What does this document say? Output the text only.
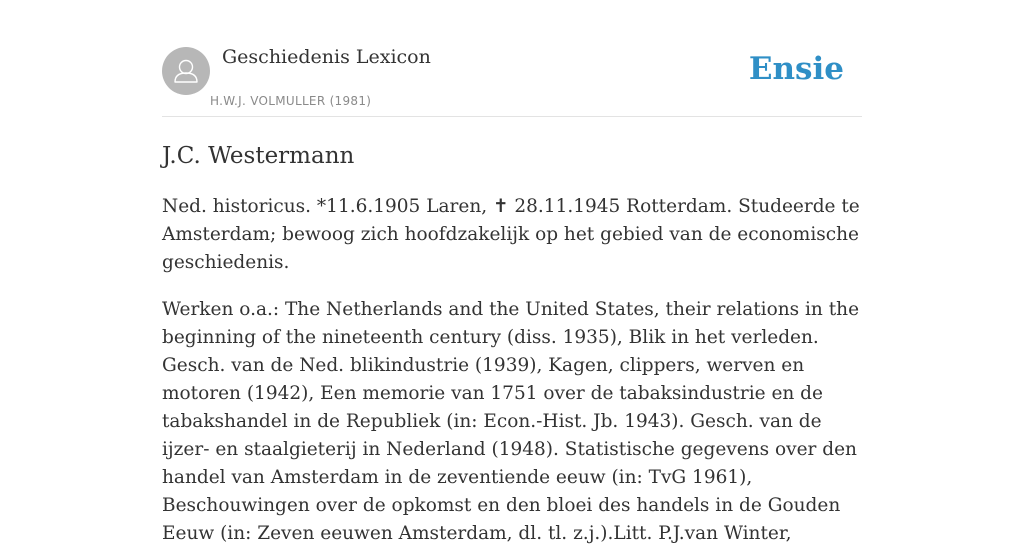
Geschiedenis Lexicon
H.W.J. VOLMULLER (1981)
Ensie
J.C. Westermann

Ned. historicus. *11.6.1905 Laren, ✝ 28.11.1945 Rotterdam. Studeerde te Amsterdam; bewoog zich hoofdzakelijk op het gebied van de economische geschiedenis.

Werken o.a.: The Netherlands and the United States, their relations in the beginning of the nineteenth century (diss. 1935), Blik in het verleden. Gesch. van de Ned. blikindustrie (1939), Kagen, clippers, werven en motoren (1942), Een memorie van 1751 over de tabaksindustrie en de tabakshandel in de Republiek (in: Econ.-Hist. Jb. 1943). Gesch. van de ijzer- en staalgieterij in Nederland (1948). Statistische gegevens over den handel van Amsterdam in de zeventiende eeuw (in: TvG 1961), Beschouwingen over de opkomst en den bloei des handels in de Gouden Eeuw (in: Zeven eeuwen Amsterdam, dl. tl. z.j.).Litt. P.J.van Winter,
